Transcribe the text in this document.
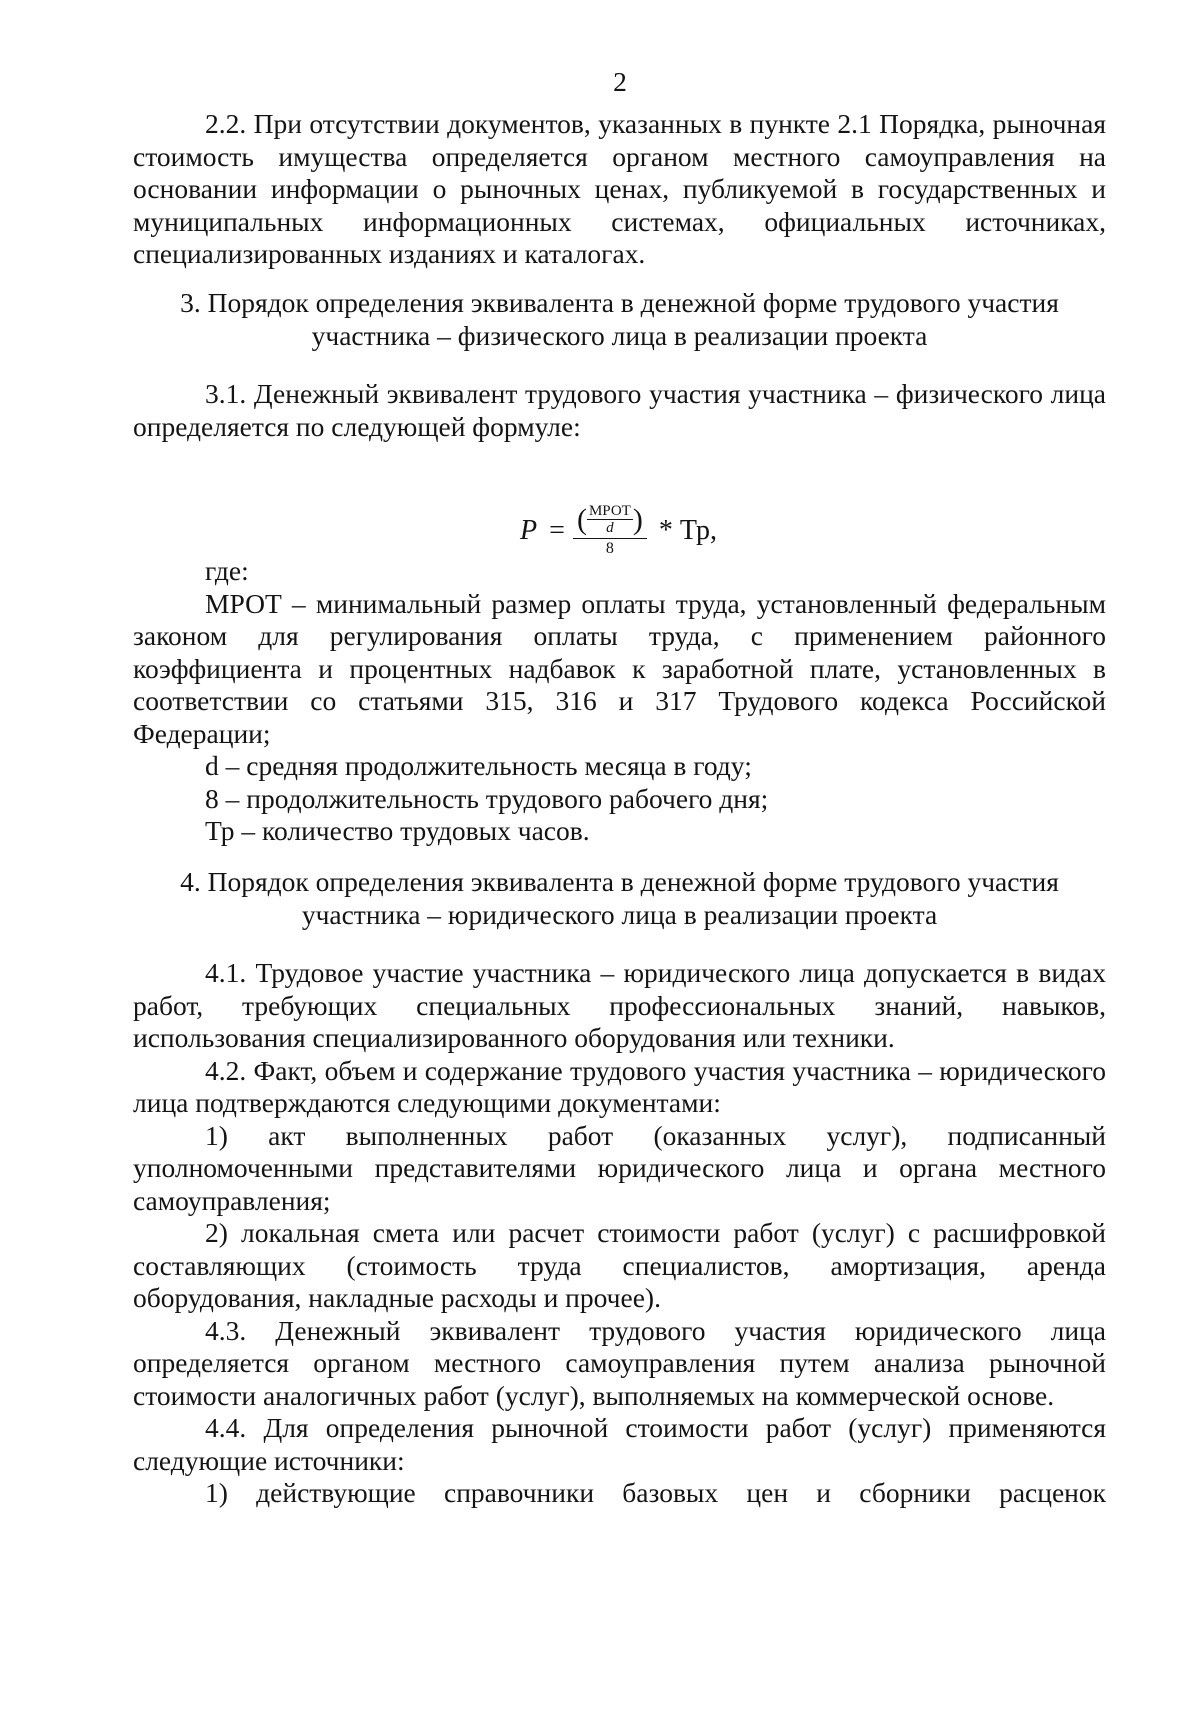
2

2.2. При отсутствии документов, указанных в пункте 2.1 Порядка, рыночная стоимость имущества определяется органом местного самоуправления на основании информации о рыночных ценах, публикуемой в государственных и муниципальных информационных системах, официальных источниках, специализированных изданиях и каталогах.

3. Порядок определения эквивалента в денежной форме трудового участия

участника – физического лица в реализации проекта

3.1. Денежный эквивалент трудового участия участника – физического лица определяется по следующей формуле:

P = ( МРОТ
d )
8 * Тр,

где:

МРОТ – минимальный размер оплаты труда, установленный федеральным законом для регулирования оплаты труда, с применением районного коэффициента и процентных надбавок к заработной плате, установленных в соответствии со статьями 315, 316 и 317 Трудового кодекса Российской Федерации;

d – средняя продолжительность месяца в году;

8 – продолжительность трудового рабочего дня;

Тр – количество трудовых часов.

4. Порядок определения эквивалента в денежной форме трудового участия

участника – юридического лица в реализации проекта

4.1. Трудовое участие участника – юридического лица допускается в видах работ, требующих специальных профессиональных знаний, навыков, использования специализированного оборудования или техники.

4.2. Факт, объем и содержание трудового участия участника – юридического лица подтверждаются следующими документами:

1) акт выполненных работ (оказанных услуг), подписанный уполномоченными представителями юридического лица и органа местного самоуправления;

2) локальная смета или расчет стоимости работ (услуг) с расшифровкой составляющих (стоимость труда специалистов, амортизация, аренда оборудования, накладные расходы и прочее).

4.3. Денежный эквивалент трудового участия юридического лица определяется органом местного самоуправления путем анализа рыночной стоимости аналогичных работ (услуг), выполняемых на коммерческой основе.

4.4. Для определения рыночной стоимости работ (услуг) применяются следующие источники:

1) действующие справочники базовых цен и сборники расценок
